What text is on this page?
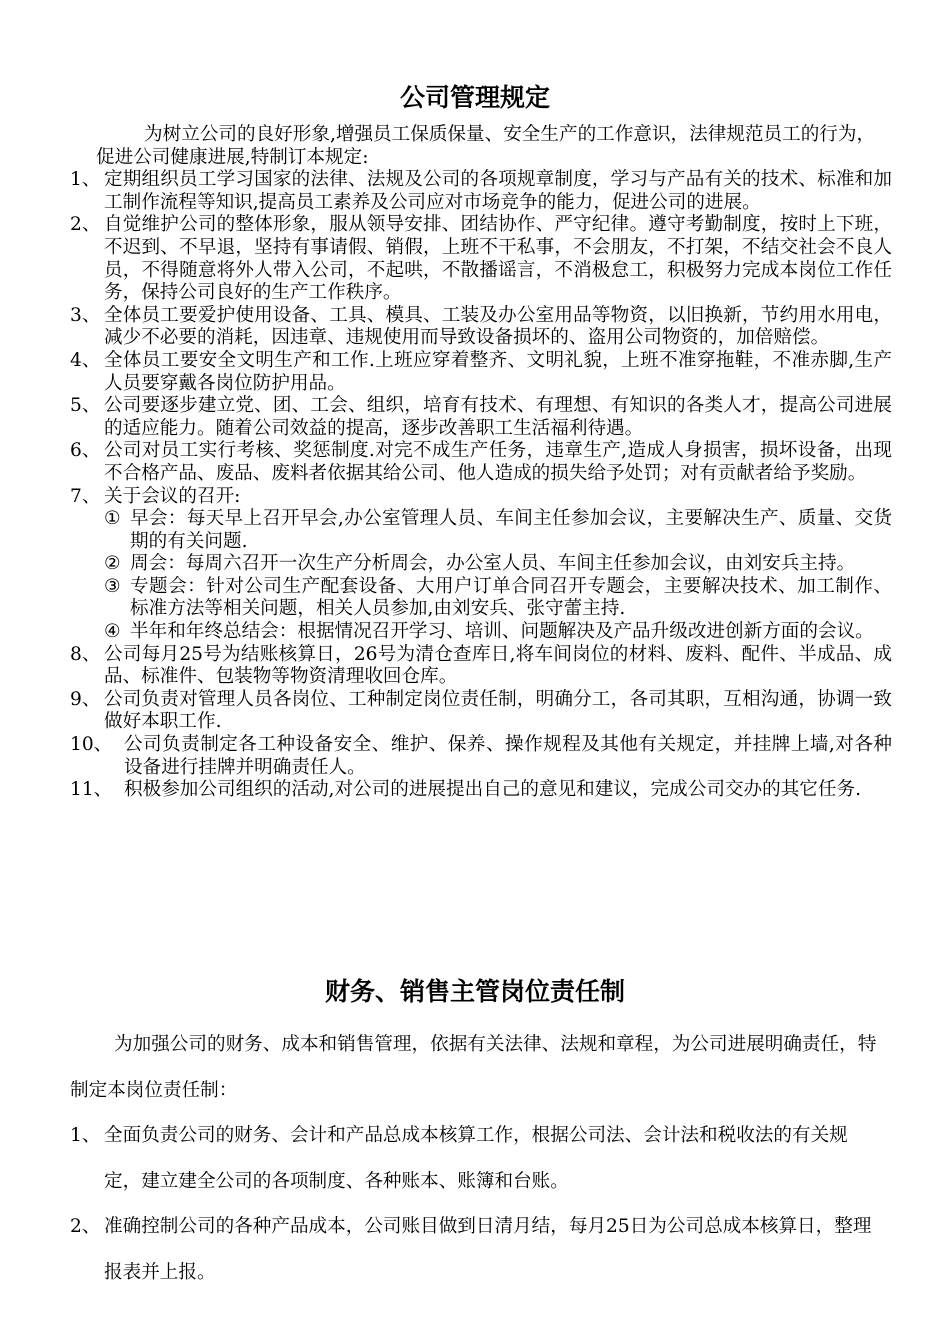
公司管理规定

为树立公司的良好形象,增强员工保质保量、安全生产的工作意识，法律规范员工的行为，促进公司健康进展,特制订本规定:

1、 定期组织员工学习国家的法律、法规及公司的各项规章制度，学习与产品有关的技术、标准和加工制作流程等知识,提高员工素养及公司应对市场竞争的能力，促进公司的进展。
2、 自觉维护公司的整体形象，服从领导安排、团结协作、严守纪律。遵守考勤制度，按时上下班，不迟到、不早退，坚持有事请假、销假，上班不干私事，不会朋友，不打架，不结交社会不良人员，不得随意将外人带入公司，不起哄，不散播谣言，不消极怠工，积极努力完成本岗位工作任务，保持公司良好的生产工作秩序。
3、 全体员工要爱护使用设备、工具、模具、工装及办公室用品等物资，以旧换新，节约用水用电，减少不必要的消耗，因违章、违规使用而导致设备损坏的、盗用公司物资的，加倍赔偿。
4、 全体员工要安全文明生产和工作.上班应穿着整齐、文明礼貌，上班不准穿拖鞋，不准赤脚,生产人员要穿戴各岗位防护用品。
5、 公司要逐步建立党、团、工会、组织，培育有技术、有理想、有知识的各类人才，提高公司进展的适应能力。随着公司效益的提高，逐步改善职工生活福利待遇。
6、 公司对员工实行考核、奖惩制度.对完不成生产任务，违章生产,造成人身损害，损坏设备，出现不合格产品、废品、废料者依据其给公司、他人造成的损失给予处罚；对有贡献者给予奖励。
7、 关于会议的召开:
① 早会：每天早上召开早会,办公室管理人员、车间主任参加会议，主要解决生产、质量、交货期的有关问题.
② 周会：每周六召开一次生产分析周会，办公室人员、车间主任参加会议，由刘安兵主持。
③ 专题会：针对公司生产配套设备、大用户订单合同召开专题会，主要解决技术、加工制作、标准方法等相关问题，相关人员参加,由刘安兵、张守蕾主持.
④ 半年和年终总结会：根据情况召开学习、培训、问题解决及产品升级改进创新方面的会议。
8、 公司每月25号为结账核算日，26号为清仓查库日,将车间岗位的材料、废料、配件、半成品、成品、标准件、包装物等物资清理收回仓库。
9、 公司负责对管理人员各岗位、工种制定岗位责任制，明确分工，各司其职，互相沟通，协调一致做好本职工作.
10、 公司负责制定各工种设备安全、维护、保养、操作规程及其他有关规定，并挂牌上墙,对各种设备进行挂牌并明确责任人。
11、 积极参加公司组织的活动,对公司的进展提出自己的意见和建议，完成公司交办的其它任务.
财务、销售主管岗位责任制

为加强公司的财务、成本和销售管理，依据有关法律、法规和章程，为公司进展明确责任，特制定本岗位责任制：

1、 全面负责公司的财务、会计和产品总成本核算工作，根据公司法、会计法和税收法的有关规定，建立建全公司的各项制度、各种账本、账簿和台账。
2、 准确控制公司的各种产品成本，公司账目做到日清月结，每月25日为公司总成本核算日，整理报表并上报。
